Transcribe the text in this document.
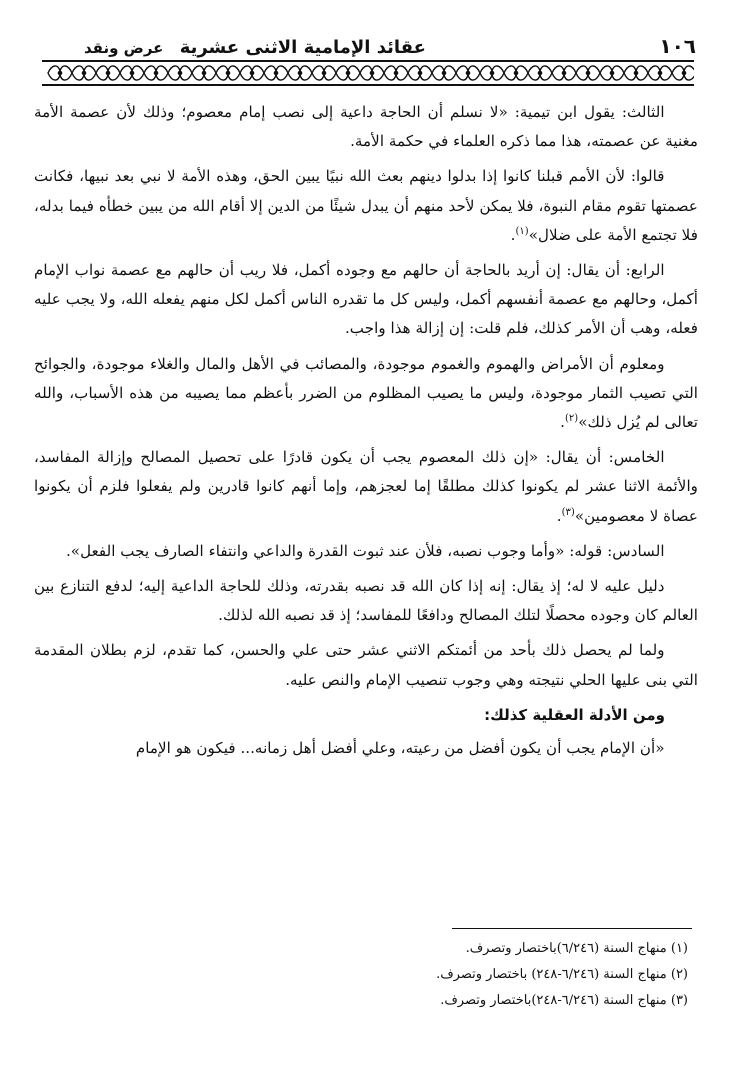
١٠٦
عقائد الإمامية الاثنى عشرية عرض ونقد

الثالث: يقول ابن تيمية: «لا نسلم أن الحاجة داعية إلى نصب إمام معصوم؛ وذلك لأن عصمة الأمة مغنية عن عصمته، هذا مما ذكره العلماء في حكمة الأمة.

قالوا: لأن الأمم قبلنا كانوا إذا بدلوا دينهم بعث الله نبيًا يبين الحق، وهذه الأمة لا نبي بعد نبيها، فكانت عصمتها تقوم مقام النبوة، فلا يمكن لأحد منهم أن يبدل شيئًا من الدين إلا أقام الله من يبين خطأه فيما بدله، فلا تجتمع الأمة على ضلال»$^{(١)}$.

الرابع: أن يقال: إن أريد بالحاجة أن حالهم مع وجوده أكمل، فلا ريب أن حالهم مع عصمة نواب الإمام أكمل، وحالهم مع عصمة أنفسهم أكمل، وليس كل ما تقدره الناس أكمل لكل منهم يفعله الله، ولا يجب عليه فعله، وهب أن الأمر كذلك، فلم قلت: إن إزالة هذا واجب.

ومعلوم أن الأمراض والهموم والغموم موجودة، والمصائب في الأهل والمال والغلاء موجودة، والجوائح التي تصيب الثمار موجودة، وليس ما يصيب المظلوم من الضرر بأعظم مما يصيبه من هذه الأسباب، والله تعالى لم يُزل ذلك»$^{(٢)}$.

الخامس: أن يقال: «إن ذلك المعصوم يجب أن يكون قادرًا على تحصيل المصالح وإزالة المفاسد، والأئمة الاثنا عشر لم يكونوا كذلك مطلقًا إما لعجزهم، وإما أنهم كانوا قادرين ولم يفعلوا فلزم أن يكونوا عصاة لا معصومين»$^{(٣)}$.

السادس: قوله: «وأما وجوب نصبه، فلأن عند ثبوت القدرة والداعي وانتفاء الصارف يجب الفعل».

دليل عليه لا له؛ إذ يقال: إنه إذا كان الله قد نصبه بقدرته، وذلك للحاجة الداعية إليه؛ لدفع التنازع بين العالم كان وجوده محصلًا لتلك المصالح ودافعًا للمفاسد؛ إذ قد نصبه الله لذلك.

ولما لم يحصل ذلك بأحد من أئمتكم الاثني عشر حتى علي والحسن، كما تقدم، لزم بطلان المقدمة التي بنى عليها الحلي نتيجته وهي وجوب تنصيب الإمام والنص عليه.

ومن الأدلة العقلية كذلك:

«أن الإمام يجب أن يكون أفضل من رعيته، وعلي أفضل أهل زمانه... فيكون هو الإمام

(١) منهاج السنة (٦/٢٤٦)باختصار وتصرف.
(٢) منهاج السنة (٦/٢٤٦-٢٤٨) باختصار وتصرف.
(٣) منهاج السنة (٦/٢٤٦-٢٤٨)باختصار وتصرف.
